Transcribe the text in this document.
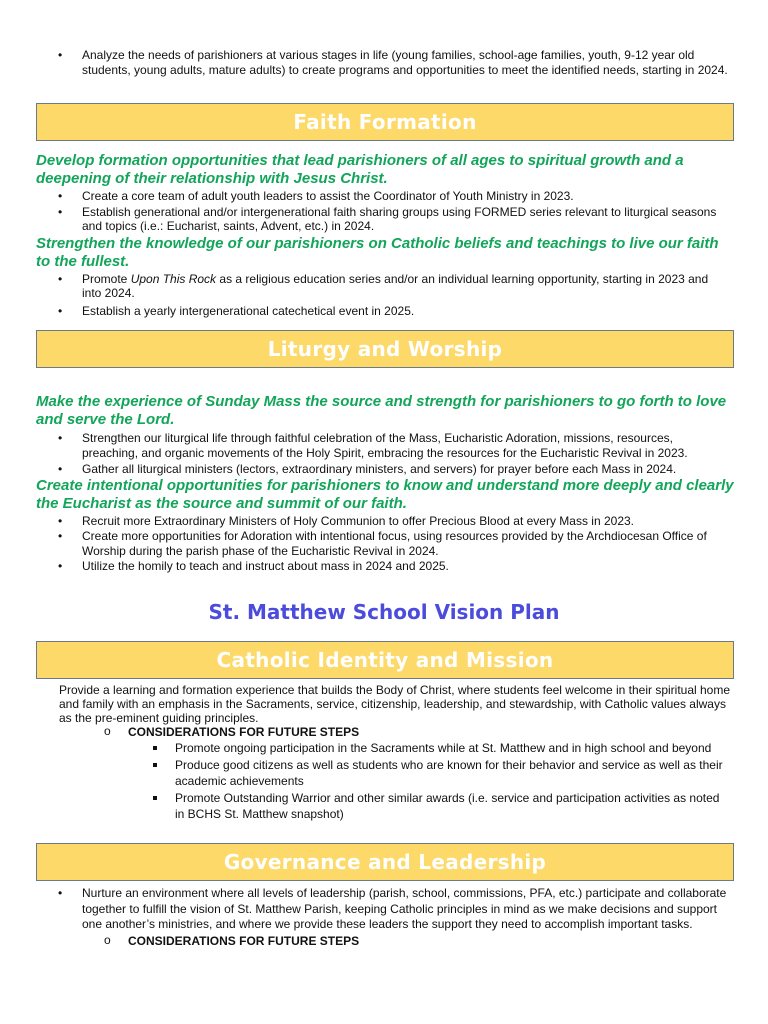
• Analyze the needs of parishioners at various stages in life (young families, school-age families, youth, 9-12 year old students, young adults, mature adults) to create programs and opportunities to meet the identified needs, starting in 2024.
Faith Formation
Develop formation opportunities that lead parishioners of all ages to spiritual growth and a deepening of their relationship with Jesus Christ.
• Create a core team of adult youth leaders to assist the Coordinator of Youth Ministry in 2023.
• Establish generational and/or intergenerational faith sharing groups using FORMED series relevant to liturgical seasons and topics (i.e.: Eucharist, saints, Advent, etc.) in 2024.
Strengthen the knowledge of our parishioners on Catholic beliefs and teachings to live our faith to the fullest.
• Promote Upon This Rock as a religious education series and/or an individual learning opportunity, starting in 2023 and into 2024.
• Establish a yearly intergenerational catechetical event in 2025.
Liturgy and Worship
Make the experience of Sunday Mass the source and strength for parishioners to go forth to love and serve the Lord.
• Strengthen our liturgical life through faithful celebration of the Mass, Eucharistic Adoration, missions, resources, preaching, and organic movements of the Holy Spirit, embracing the resources for the Eucharistic Revival in 2023.
• Gather all liturgical ministers (lectors, extraordinary ministers, and servers) for prayer before each Mass in 2024.
Create intentional opportunities for parishioners to know and understand more deeply and clearly the Eucharist as the source and summit of our faith.
• Recruit more Extraordinary Ministers of Holy Communion to offer Precious Blood at every Mass in 2023.
• Create more opportunities for Adoration with intentional focus, using resources provided by the Archdiocesan Office of Worship during the parish phase of the Eucharistic Revival in 2024.
• Utilize the homily to teach and instruct about mass in 2024 and 2025.
St. Matthew School Vision Plan
Catholic Identity and Mission
Provide a learning and formation experience that builds the Body of Christ, where students feel welcome in their spiritual home and family with an emphasis in the Sacraments, service, citizenship, leadership, and stewardship, with Catholic values always as the pre-eminent guiding principles.
o CONSIDERATIONS FOR FUTURE STEPS
Promote ongoing participation in the Sacraments while at St. Matthew and in high school and beyond
Produce good citizens as well as students who are known for their behavior and service as well as their academic achievements
Promote Outstanding Warrior and other similar awards (i.e. service and participation activities as noted in BCHS St. Matthew snapshot)
Governance and Leadership
• Nurture an environment where all levels of leadership (parish, school, commissions, PFA, etc.) participate and collaborate together to fulfill the vision of St. Matthew Parish, keeping Catholic principles in mind as we make decisions and support one another’s ministries, and where we provide these leaders the support they need to accomplish important tasks.
o CONSIDERATIONS FOR FUTURE STEPS
